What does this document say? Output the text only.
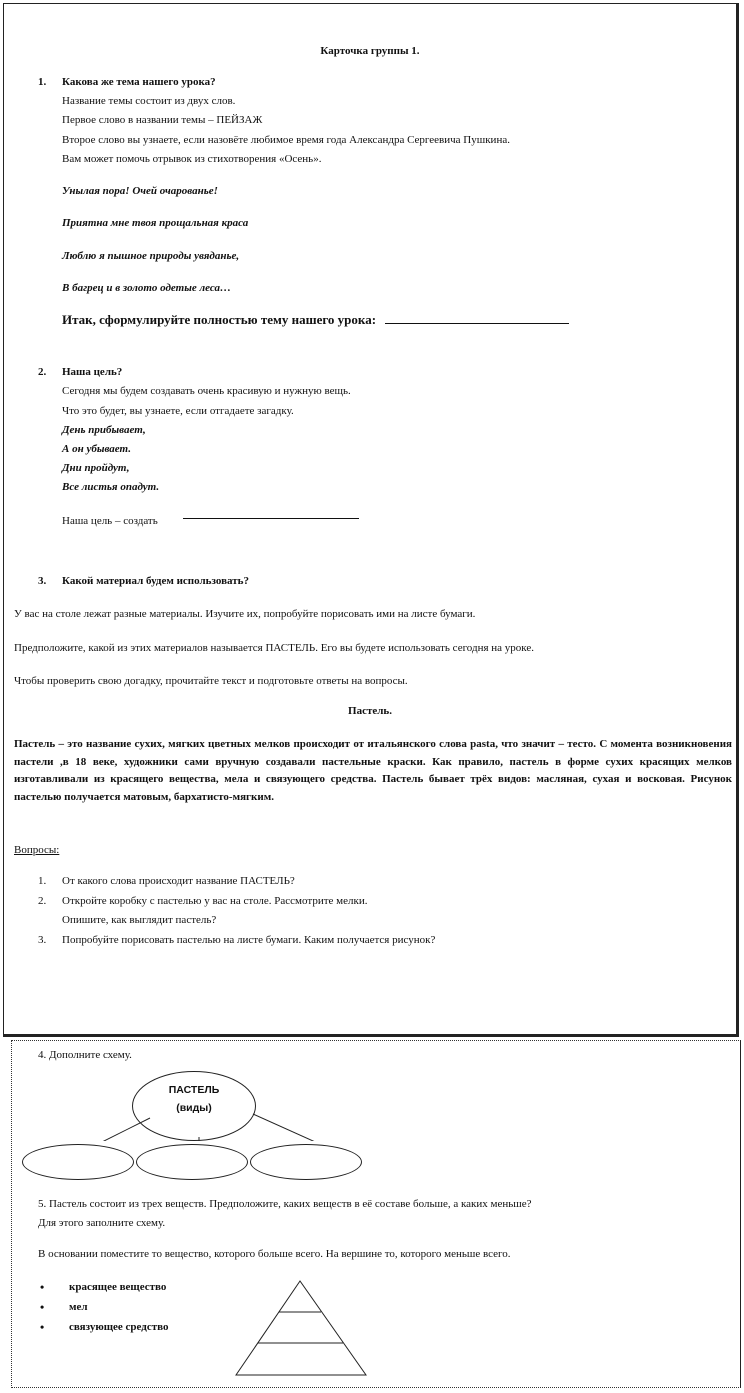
Карточка группы 1.
1. Какова же тема нашего урока?
Название темы состоит из двух слов.
Первое слово в названии темы – ПЕЙЗАЖ
Второе слово вы узнаете, если назовёте любимое время года Александра Сергеевича Пушкина.
Вам может помочь отрывок из стихотворения «Осень».
Унылая пора! Очей очарованье!
Приятна мне твоя прощальная краса
Люблю я пышное природы увяданье,
В багрец и в золото одетые леса…
Итак, сформулируйте полностью тему нашего урока:
2. Наша цель?
Сегодня мы будем создавать очень красивую и нужную вещь.
Что это будет, вы узнаете, если отгадаете загадку.
День прибывает,
А он убывает.
Дни пройдут,
Все листья опадут.
Наша цель – создать
3. Какой материал будем использовать?
У вас на столе лежат разные материалы. Изучите их, попробуйте порисовать ими на листе бумаги.
Предположите, какой из этих материалов называется ПАСТЕЛЬ. Его вы будете использовать сегодня на уроке.
Чтобы проверить свою догадку, прочитайте текст и подготовьте ответы на вопросы.
Пастель.
Пастель – это название сухих, мягких цветных мелков происходит от итальянского слова pasta, что значит – тесто. С момента возникновения пастели ,в 18 веке, художники сами вручную создавали пастельные краски. Как правило, пастель в форме сухих красящих мелков изготавливали из красящего вещества, мела и связующего средства. Пастель бывает трёх видов: масляная, сухая и восковая. Рисунок пастелью получается матовым, бархатисто-мягким.
Вопросы:
1. От какого слова происходит название ПАСТЕЛЬ?
2. Откройте коробку с пастелью у вас на столе. Рассмотрите мелки.
Опишите, как выглядит пастель?
3. Попробуйте порисовать пастелью на листе бумаги. Каким получается рисунок?
4. Дополните схему.
ПАСТЕЛЬ
(виды)
5. Пастель состоит из трех веществ. Предположите, каких веществ в её составе больше, а каких меньше?
Для этого заполните схему.
В основании поместите то вещество, которого больше всего. На вершине то, которого меньше всего.
• красящее вещество
• мел
• связующее средство
